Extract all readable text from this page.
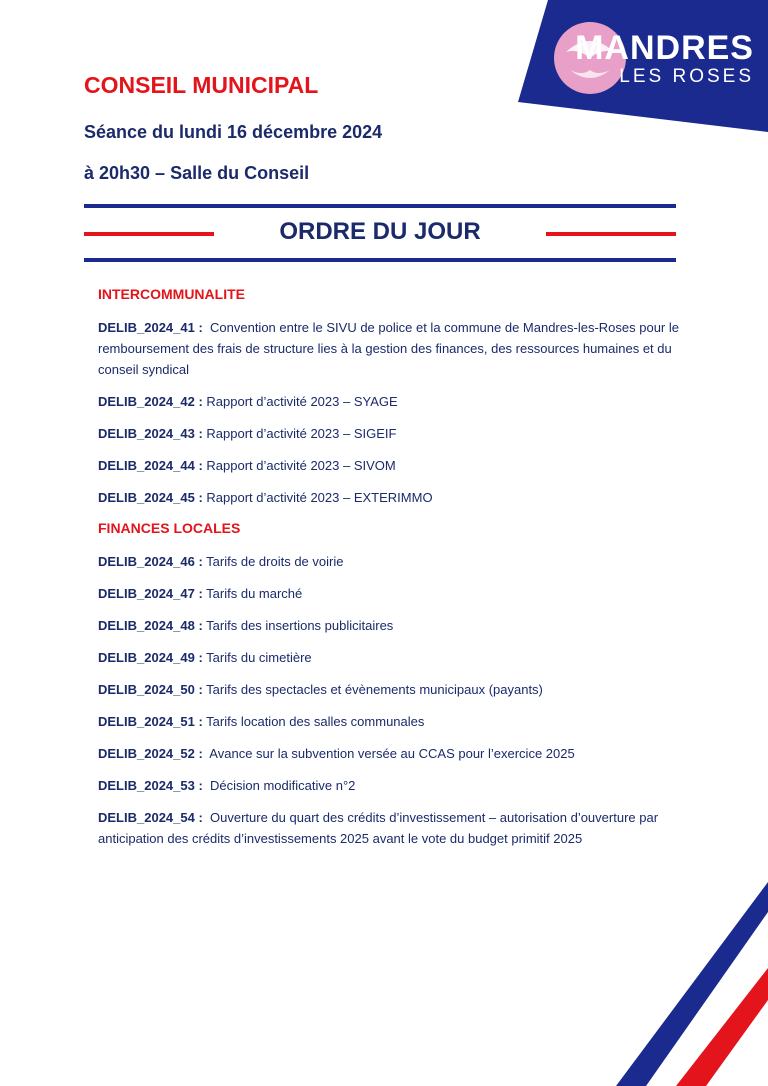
MANDRES
LES ROSES
CONSEIL MUNICIPAL

Séance du lundi 16 décembre 2024

à 20h30 – Salle du Conseil

ORDRE DU JOUR

INTERCOMMUNALITE

DELIB_2024_41 : Convention entre le SIVU de police et la commune de Mandres-les-Roses pour le remboursement des frais de structure lies à la gestion des finances, des ressources humaines et du conseil syndical

DELIB_2024_42 : Rapport d’activité 2023 – SYAGE

DELIB_2024_43 : Rapport d’activité 2023 – SIGEIF

DELIB_2024_44 : Rapport d’activité 2023 – SIVOM

DELIB_2024_45 : Rapport d’activité 2023 – EXTERIMMO

FINANCES LOCALES

DELIB_2024_46 : Tarifs de droits de voirie

DELIB_2024_47 : Tarifs du marché

DELIB_2024_48 : Tarifs des insertions publicitaires

DELIB_2024_49 : Tarifs du cimetière

DELIB_2024_50 : Tarifs des spectacles et évènements municipaux (payants)

DELIB_2024_51 : Tarifs location des salles communales

DELIB_2024_52 : Avance sur la subvention versée au CCAS pour l’exercice 2025

DELIB_2024_53 : Décision modificative n°2

DELIB_2024_54 : Ouverture du quart des crédits d’investissement – autorisation d’ouverture par anticipation des crédits d’investissements 2025 avant le vote du budget primitif 2025
